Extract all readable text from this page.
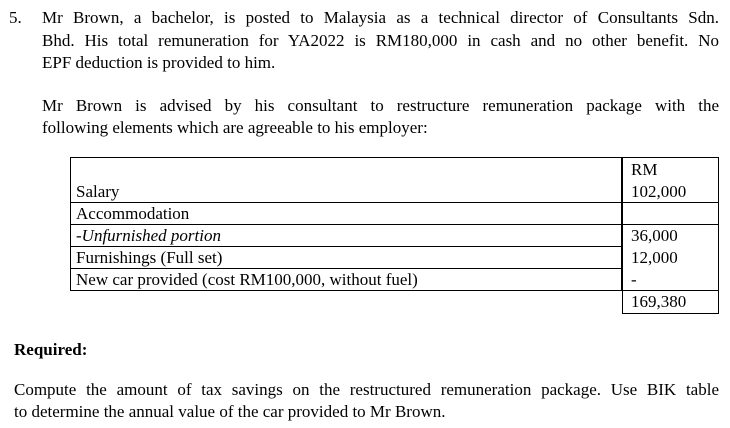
5. Mr Brown, a bachelor, is posted to Malaysia as a technical director of Consultants Sdn.
Bhd. His total remuneration for YA2022 is RM180,000 in cash and no other benefit. No
EPF deduction is provided to him.
Mr Brown is advised by his consultant to restructure remuneration package with the
following elements which are agreeable to his employer:
RM
Salary	102,000
Accommodation
-Unfurnished portion	36,000
Furnishings (Full set)	12,000
New car provided (cost RM100,000, without fuel)	-
169,380
Required:
Compute the amount of tax savings on the restructured remuneration package. Use BIK table
to determine the annual value of the car provided to Mr Brown.
